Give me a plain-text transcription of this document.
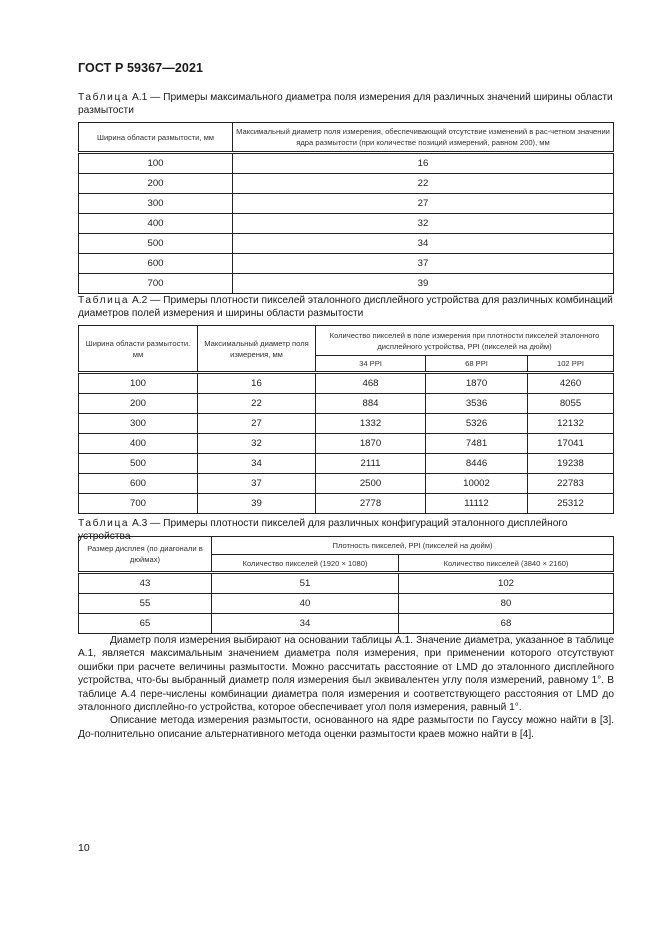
ГОСТ Р 59367—2021
Таблица А.1 — Примеры максимального диаметра поля измерения для различных значений ширины области размытости
Ширина области размытости, мм	Максимальный диаметр поля измерения, обеспечивающий отсутствие изменений в рас-четном значении ядра размытости (при количестве позиций измерений, равном 200), мм
100	16
200	22
300	27
400	32
500	34
600	37
700	39
Таблица А.2 — Примеры плотности пикселей эталонного дисплейного устройства для различных комбинаций диаметров полей измерения и ширины области размытости
Ширина области размытости. мм	Максимальный диаметр поля измерения, мм	Количество пикселей в поле измерения при плотности пикселей эталонного дисплейного устройства, PPI (пикселей на дюйм)		
		34 PPI	68 PPI	102 PPI
100	16	468	1870	4260
200	22	884	3536	8055
300	27	1332	5326	12132
400	32	1870	7481	17041
500	34	2111	8446	19238
600	37	2500	10002	22783
700	39	2778	11112	25312
Таблица А.3 — Примеры плотности пикселей для различных конфигураций эталонного дисплейного устройства
Размер дисплея (по диагонали в дюймах)	Плотность пикселей, PPI (пикселей на дюйм)	
	Количество пикселей (1920 × 1080)	Количество пикселей (3840 × 2160)
43	51	102
55	40	80
65	34	68

Диаметр поля измерения выбирают на основании таблицы А.1. Значение диаметра, указанное в таблице А.1, является максимальным значением диаметра поля измерения, при применении которого отсутствуют ошибки при расчете величины размытости. Можно рассчитать расстояние от LMD до эталонного дисплейного устройства, что-бы выбранный диаметр поля измерения был эквивалентен углу поля измерений, равному 1°. В таблице А.4 пере-числены комбинации диаметра поля измерения и соответствующего расстояния от LMD до эталонного дисплейно-го устройства, которое обеспечивает угол поля измерения, равный 1°.

Описание метода измерения размытости, основанного на ядре размытости по Гауссу можно найти в [3]. До-полнительно описание альтернативного метода оценки размытости краев можно найти в [4].

10
